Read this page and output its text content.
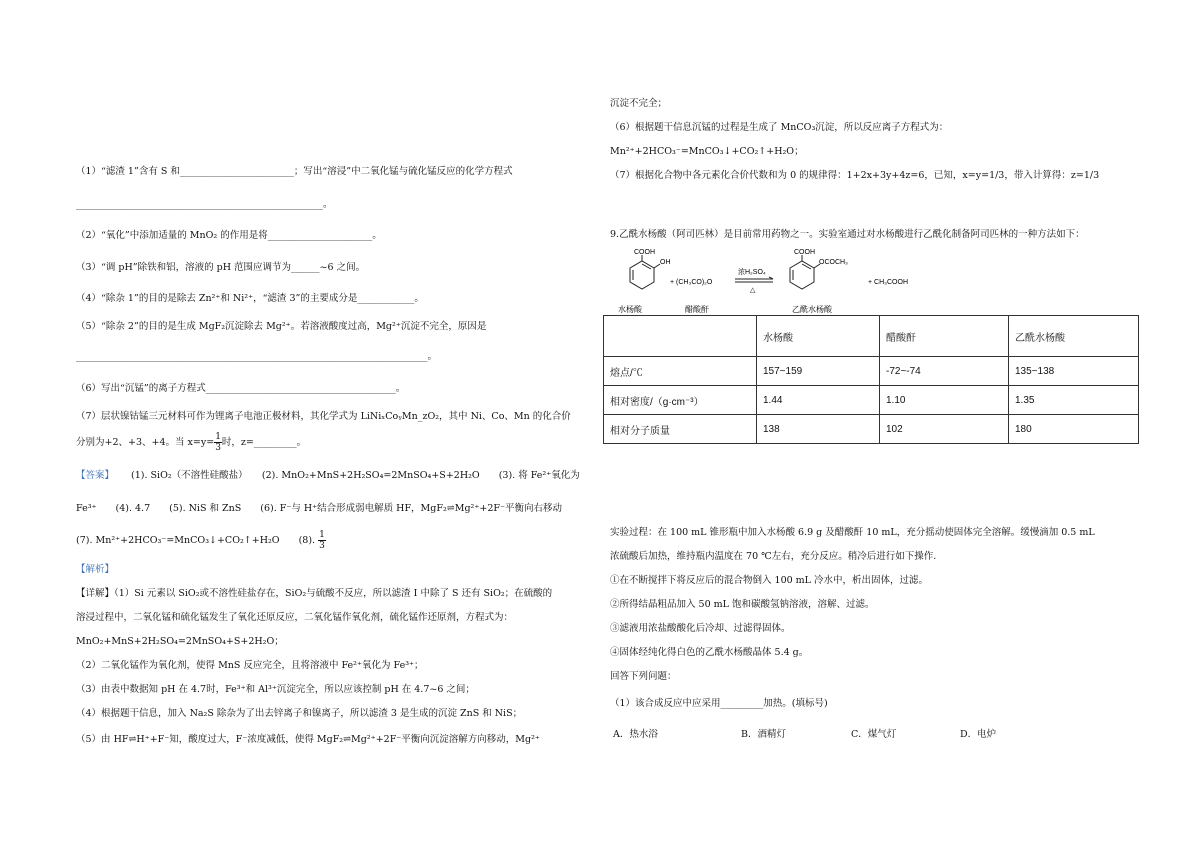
（1）“滤渣 1”含有 S 和________________________；写出“溶浸”中二氧化锰与硫化锰反应的化学方程式
____________________________________________________。
（2）“氧化”中添加适量的 MnO₂ 的作用是将______________________。
（3）“调 pH”除铁和铝，溶液的 pH 范围应调节为______~6 之间。
（4）“除杂 1”的目的是除去 Zn²⁺和 Ni²⁺，“滤渣 3”的主要成分是____________。
（5）“除杂 2”的目的是生成 MgF₂沉淀除去 Mg²⁺。若溶液酸度过高，Mg²⁺沉淀不完全，原因是
__________________________________________________________________________。
（6）写出“沉锰”的离子方程式________________________________________。
（7）层状镍钴锰三元材料可作为锂离子电池正极材料，其化学式为 LiNiₓCoᵧMn_zO₂，其中 Ni、Co、Mn 的化合价
分别为+2、+3、+4。当 $x=y= \frac{1}{3}$时，z=_________。
【答案】 (1). SiO₂（不溶性硅酸盐）　　(2). MnO₂+MnS+2H₂SO₄=2MnSO₄+S+2H₂O　　(3). 将 Fe²⁺氧化为
Fe³⁺　　(4). 4.7　　(5). NiS 和 ZnS　　(6). F⁻与 H⁺结合形成弱电解质 HF，MgF₂⇌Mg²⁺+2F⁻平衡向右移动
(7). Mn²⁺+2HCO₃⁻=MnCO₃↓+CO₂↑+H₂O　　(8). $\frac{1}{3}$
【解析】
【详解】（1）Si 元素以 SiO₂或不溶性硅盐存在，SiO₂与硫酸不反应，所以滤渣 I 中除了 S 还有 SiO₂；在硫酸的
溶浸过程中，二氧化锰和硫化锰发生了氧化还原反应，二氧化锰作氧化剂，硫化锰作还原剂，方程式为：
MnO₂+MnS+2H₂SO₄=2MnSO₄+S+2H₂O；
（2）二氧化锰作为氧化剂，使得 MnS 反应完全，且将溶液中 Fe²⁺氧化为 Fe³⁺；
（3）由表中数据知 pH 在 4.7时，Fe³⁺和 Al³⁺沉淀完全，所以应该控制 pH 在 4.7~6 之间；
（4）根据题干信息，加入 Na₂S 除杂为了出去锌离子和镍离子，所以滤渣 3 是生成的沉淀 ZnS 和 NiS；
（5）由 HF⇌H⁺+F⁻知，酸度过大，F⁻浓度减低，使得 MgF₂⇌Mg²⁺+2F⁻平衡向沉淀溶解方向移动，Mg²⁺
沉淀不完全；
（6）根据题干信息沉锰的过程是生成了 MnCO₃沉淀，所以反应离子方程式为：
Mn²⁺+2HCO₃⁻=MnCO₃↓+CO₂↑+H₂O；
（7）根据化合物中各元素化合价代数和为 0 的规律得：1+2x+3y+4z=6，已知，x=y=1/3，带入计算得：z=1/3
9.乙酰水杨酸（阿司匹林）是目前常用药物之一。实验室通过对水杨酸进行乙酰化制备阿司匹林的一种方法如下：
COOH
OH
+ (CH₃CO)₂O
浓H₂SO₄
△
COOH
OCOCH₃
+ CH₃COOH
水杨酸	醋酸酐	乙酰水杨酸
	水杨酸	醋酸酐	乙酰水杨酸
熔点/℃	157~159	-72~-74	135~138
相对密度/（g·cm⁻³）	1.44	1.10	1.35
相对分子质量	138	102	180
实验过程：在 100 mL 锥形瓶中加入水杨酸 6.9 g 及醋酸酐 10 mL，充分摇动使固体完全溶解。缓慢滴加 0.5 mL
浓硫酸后加热，维持瓶内温度在 70 ℃左右，充分反应。稍冷后进行如下操作.
①在不断搅拌下将反应后的混合物倒入 100 mL 冷水中，析出固体，过滤。
②所得结晶粗品加入 50 mL 饱和碳酸氢钠溶液，溶解、过滤。
③滤液用浓盐酸酸化后冷却、过滤得固体。
④固体经纯化得白色的乙酰水杨酸晶体 5.4 g。
回答下列问题：
（1）该合成反应中应采用_________加热。(填标号)
A．热水浴	B．酒精灯	C．煤气灯	D．电炉
